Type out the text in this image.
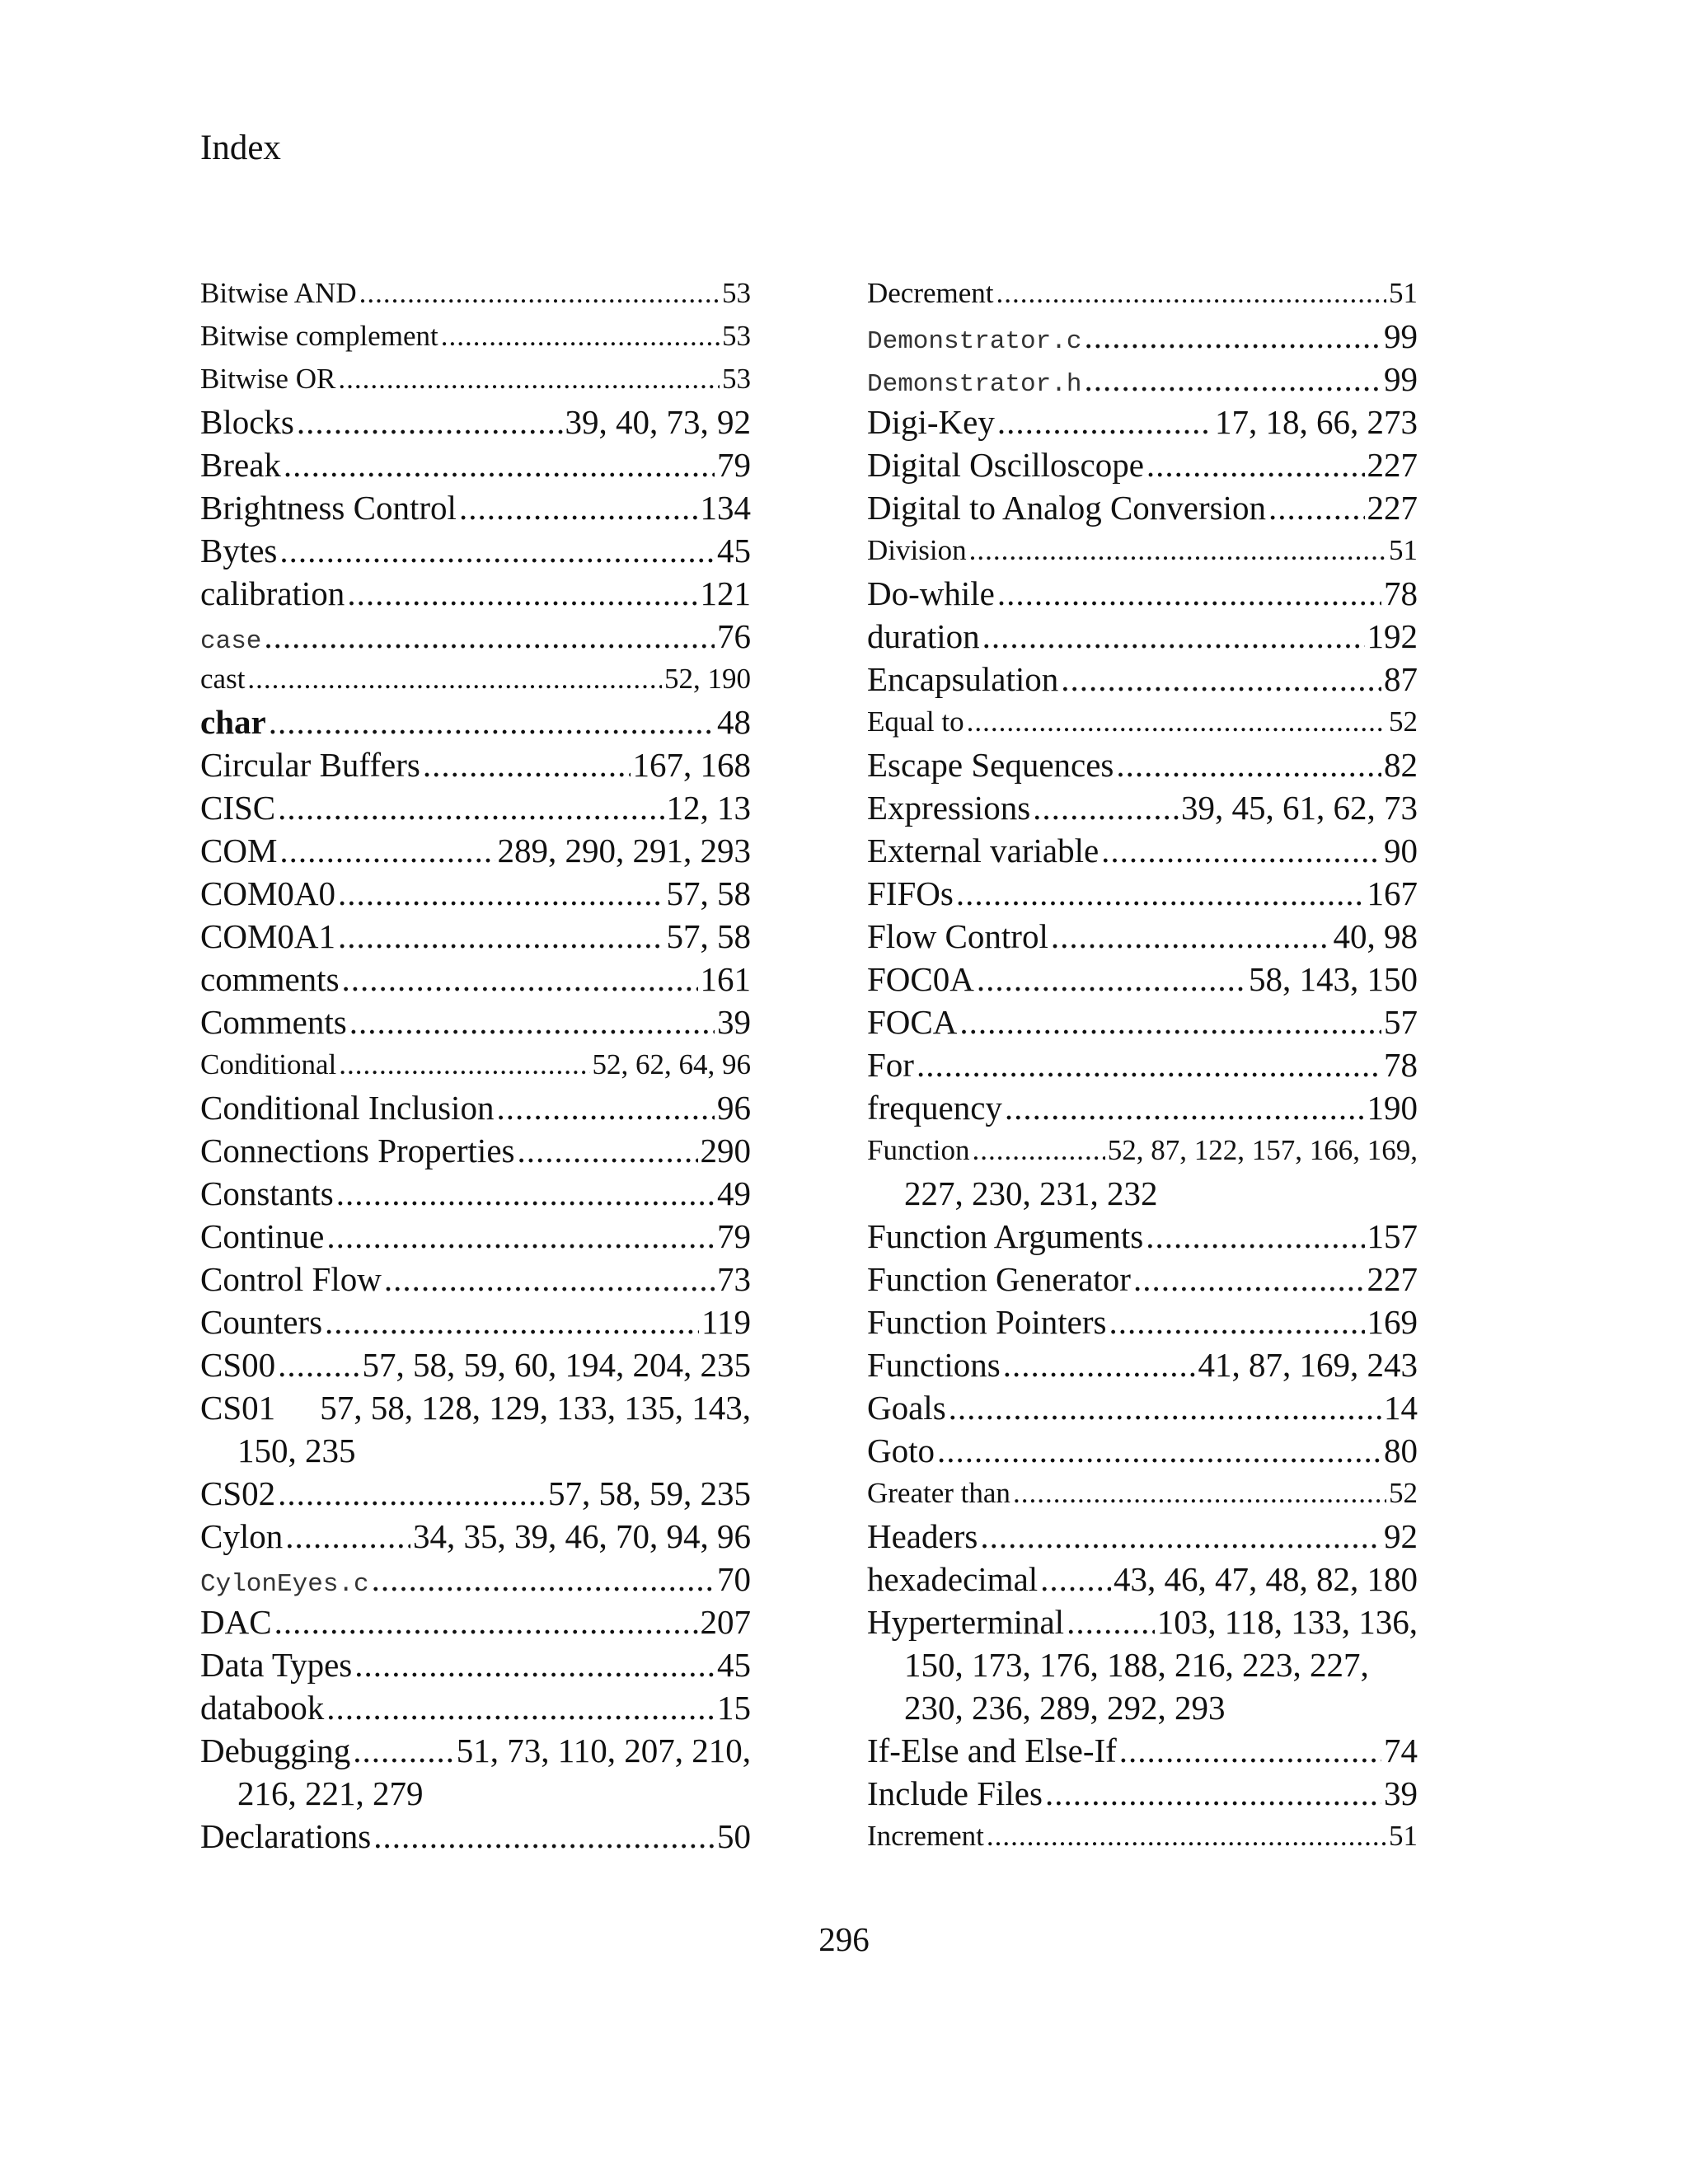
Index
Bitwise AND .....	53
Bitwise complement .....	53
Bitwise OR .....	53
Blocks .....	39, 40, 73, 92
Break .....	79
Brightness Control .....	134
Bytes .....	45
calibration .....	121
case .....	76
cast .....	52, 190
char .....	48
Circular Buffers .....	167, 168
CISC .....	12, 13
COM .....	289, 290, 291, 293
COM0A0 .....	57, 58
COM0A1 .....	57, 58
comments .....	161
Comments .....	39
Conditional .....	52, 62, 64, 96
Conditional Inclusion .....	96
Connections Properties .....	290
Constants .....	49
Continue .....	79
Control Flow .....	73
Counters .....	119
CS00 .....	57, 58, 59, 60, 194, 204, 235
CS01 57, 58, 128, 129, 133, 135, 143,
150, 235
CS02 .....	57, 58, 59, 235
Cylon .....	34, 35, 39, 46, 70, 94, 96
CylonEyes.c .....	70
DAC .....	207
Data Types .....	45
databook .....	15
Debugging .....	51, 73, 110, 207, 210,
216, 221, 279
Declarations .....	50
Decrement .....	51
Demonstrator.c .....	99
Demonstrator.h .....	99
Digi-Key .....	17, 18, 66, 273
Digital Oscilloscope .....	227
Digital to Analog Conversion .....	227
Division .....	51
Do-while .....	78
duration .....	192
Encapsulation .....	87
Equal to .....	52
Escape Sequences .....	82
Expressions .....	39, 45, 61, 62, 73
External variable .....	90
FIFOs .....	167
Flow Control .....	40, 98
FOC0A .....	58, 143, 150
FOCA .....	57
For .....	78
frequency .....	190
Function .....	52, 87, 122, 157, 166, 169,
227, 230, 231, 232
Function Arguments .....	157
Function Generator .....	227
Function Pointers .....	169
Functions .....	41, 87, 169, 243
Goals .....	14
Goto .....	80
Greater than .....	52
Headers .....	92
hexadecimal ..... 43, 46, 47, 48, 82, 180
Hyperterminal .....	103, 118, 133, 136,
150, 173, 176, 188, 216, 223, 227,
230, 236, 289, 292, 293
If-Else and Else-If .....	74
Include Files .....	39
Increment .....	51
296
